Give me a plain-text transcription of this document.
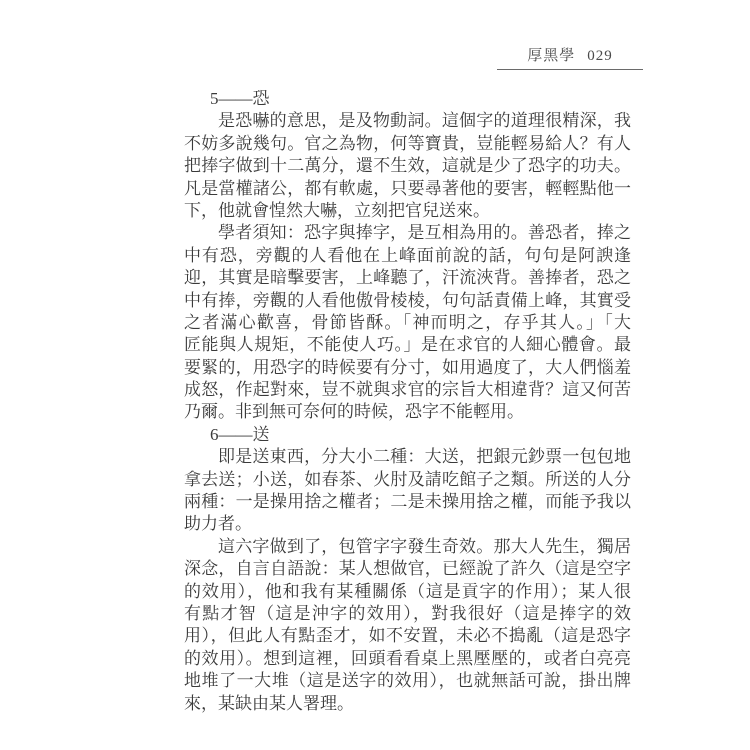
厚黑學 029
5——恐
是恐嚇的意思，是及物動詞。這個字的道理很精深，我
不妨多說幾句。官之為物，何等寶貴，豈能輕易給人？有人
把捧字做到十二萬分，還不生效，這就是少了恐字的功夫。
凡是當權諸公，都有軟處，只要尋著他的要害，輕輕點他一
下，他就會惶然大嚇，立刻把官兒送來。
學者須知：恐字與捧字，是互相為用的。善恐者，捧之
中有恐，旁觀的人看他在上峰面前說的話，句句是阿諛逢
迎，其實是暗擊要害，上峰聽了，汗流浹背。善捧者，恐之
中有捧，旁觀的人看他傲骨棱棱，句句話責備上峰，其實受
之者滿心歡喜，骨節皆酥。「神而明之，存乎其人。」「大
匠能與人規矩，不能使人巧。」是在求官的人細心體會。最
要緊的，用恐字的時候要有分寸，如用過度了，大人們惱羞
成怒，作起對來，豈不就與求官的宗旨大相違背？這又何苦
乃爾。非到無可奈何的時候，恐字不能輕用。
6——送
即是送東西，分大小二種：大送，把銀元鈔票一包包地
拿去送；小送，如春茶、火肘及請吃館子之類。所送的人分
兩種：一是操用捨之權者；二是未操用捨之權，而能予我以
助力者。
這六字做到了，包管字字發生奇效。那大人先生，獨居
深念，自言自語說：某人想做官，已經說了許久（這是空字
的效用），他和我有某種關係（這是貢字的作用）；某人很
有點才智（這是沖字的效用），對我很好（這是捧字的效
用），但此人有點歪才，如不安置，未必不搗亂（這是恐字
的效用）。想到這裡，回頭看看桌上黑壓壓的，或者白亮亮
地堆了一大堆（這是送字的效用），也就無話可說，掛出牌
來，某缺由某人署理。
